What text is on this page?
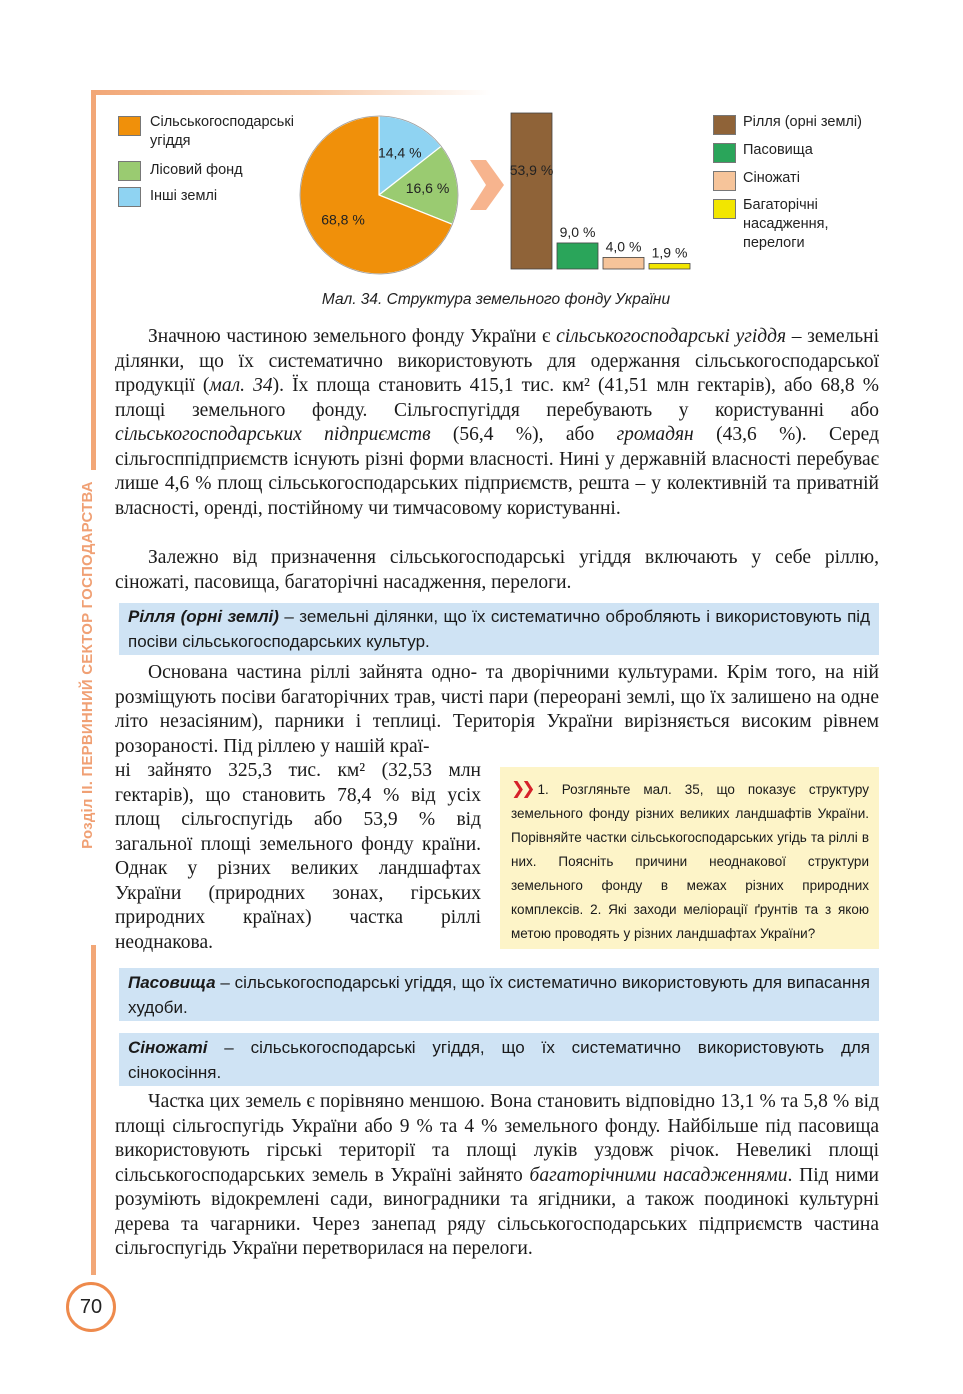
Розділ ІІ. ПЕРВИННИЙ СЕКТОР ГОСПОДАРСТВА
70
Сільськогосподарські угіддя
Лісовий фонд
Інші землі
68,8 %
16,6 %
14,4 %
53,9 %
9,0 %
4,0 % 1,9 %
Рілля (орні землі)
Пасовища
Сіножаті
Багаторічні насадження, перелоги
Мал. 34. Структура земельного фонду України
Значною частиною земельного фонду України є сільськогосподарські угіддя – земельні ділянки, що їх систематично використовують для одержання сільськогосподарської продукції (мал. 34). Їх площа становить 415,1 тис. км² (41,51 млн гектарів), або 68,8 % площі земельного фонду. Сільгоспугіддя перебувають у користуванні або сільськогосподарських підприємств (56,4 %), або громадян (43,6 %). Серед сільгосппідприємств існують різні форми власності. Нині у державній власності перебуває лише 4,6 % площ сільськогосподарських підприємств, решта – у колективній та приватній власності, оренді, постійному чи тимчасовому користуванні.
Залежно від призначення сільськогосподарські угіддя включають у себе ріллю, сіножаті, пасовища, багаторічні насадження, перелоги.
Рілля (орні землі) – земельні ділянки, що їх систематично обробляють і використовують під посіви сільськогосподарських культур.
Основана частина ріллі зайнята одно- та дворічними культурами. Крім того, на ній розміщують посіви багаторічних трав, чисті пари (переорані землі, що їх залишено на одне літо незасіяним), парники і теплиці. Територія України вирізняється високим рівнем розораності. Під ріллею у нашій краї-
ні зайнято 325,3 тис. км² (32,53 млн гектарів), що становить 78,4 % від усіх площ сільгоспугідь або 53,9 % від загальної площі земельного фонду країни. Однак у різних великих ландшафтах України (природних зонах, гірських природних країнах) частка ріллі неоднакова.
❯❯ 1. Розгляньте мал. 35, що показує структуру земельного фонду різних великих ландшафтів України. Порівняйте частки сільськогосподарських угідь та ріллі в них. Поясніть причини неоднакової структури земельного фонду в межах різних природних комплексів. 2. Які заходи меліорації ґрунтів та з якою метою проводять у різних ландшафтах України?
Пасовища – сільськогосподарські угіддя, що їх систематично використовують для випасання худоби.
Сіножаті – сільськогосподарські угіддя, що їх систематично використовують для сінокосіння.
Частка цих земель є порівняно меншою. Вона становить відповідно 13,1 % та 5,8 % від площі сільгоспугідь України або 9 % та 4 % земельного фонду. Найбільше під пасовища використовують гірські території та площі луків уздовж річок. Невеликі площі сільськогосподарських земель в Україні зайнято багаторічними насадженнями. Під ними розуміють відокремлені сади, виноградники та ягідники, а також поодинокі культурні дерева та чагарники. Через занепад ряду сільськогосподарських підприємств частина сільгоспугідь України перетворилася на перелоги.
